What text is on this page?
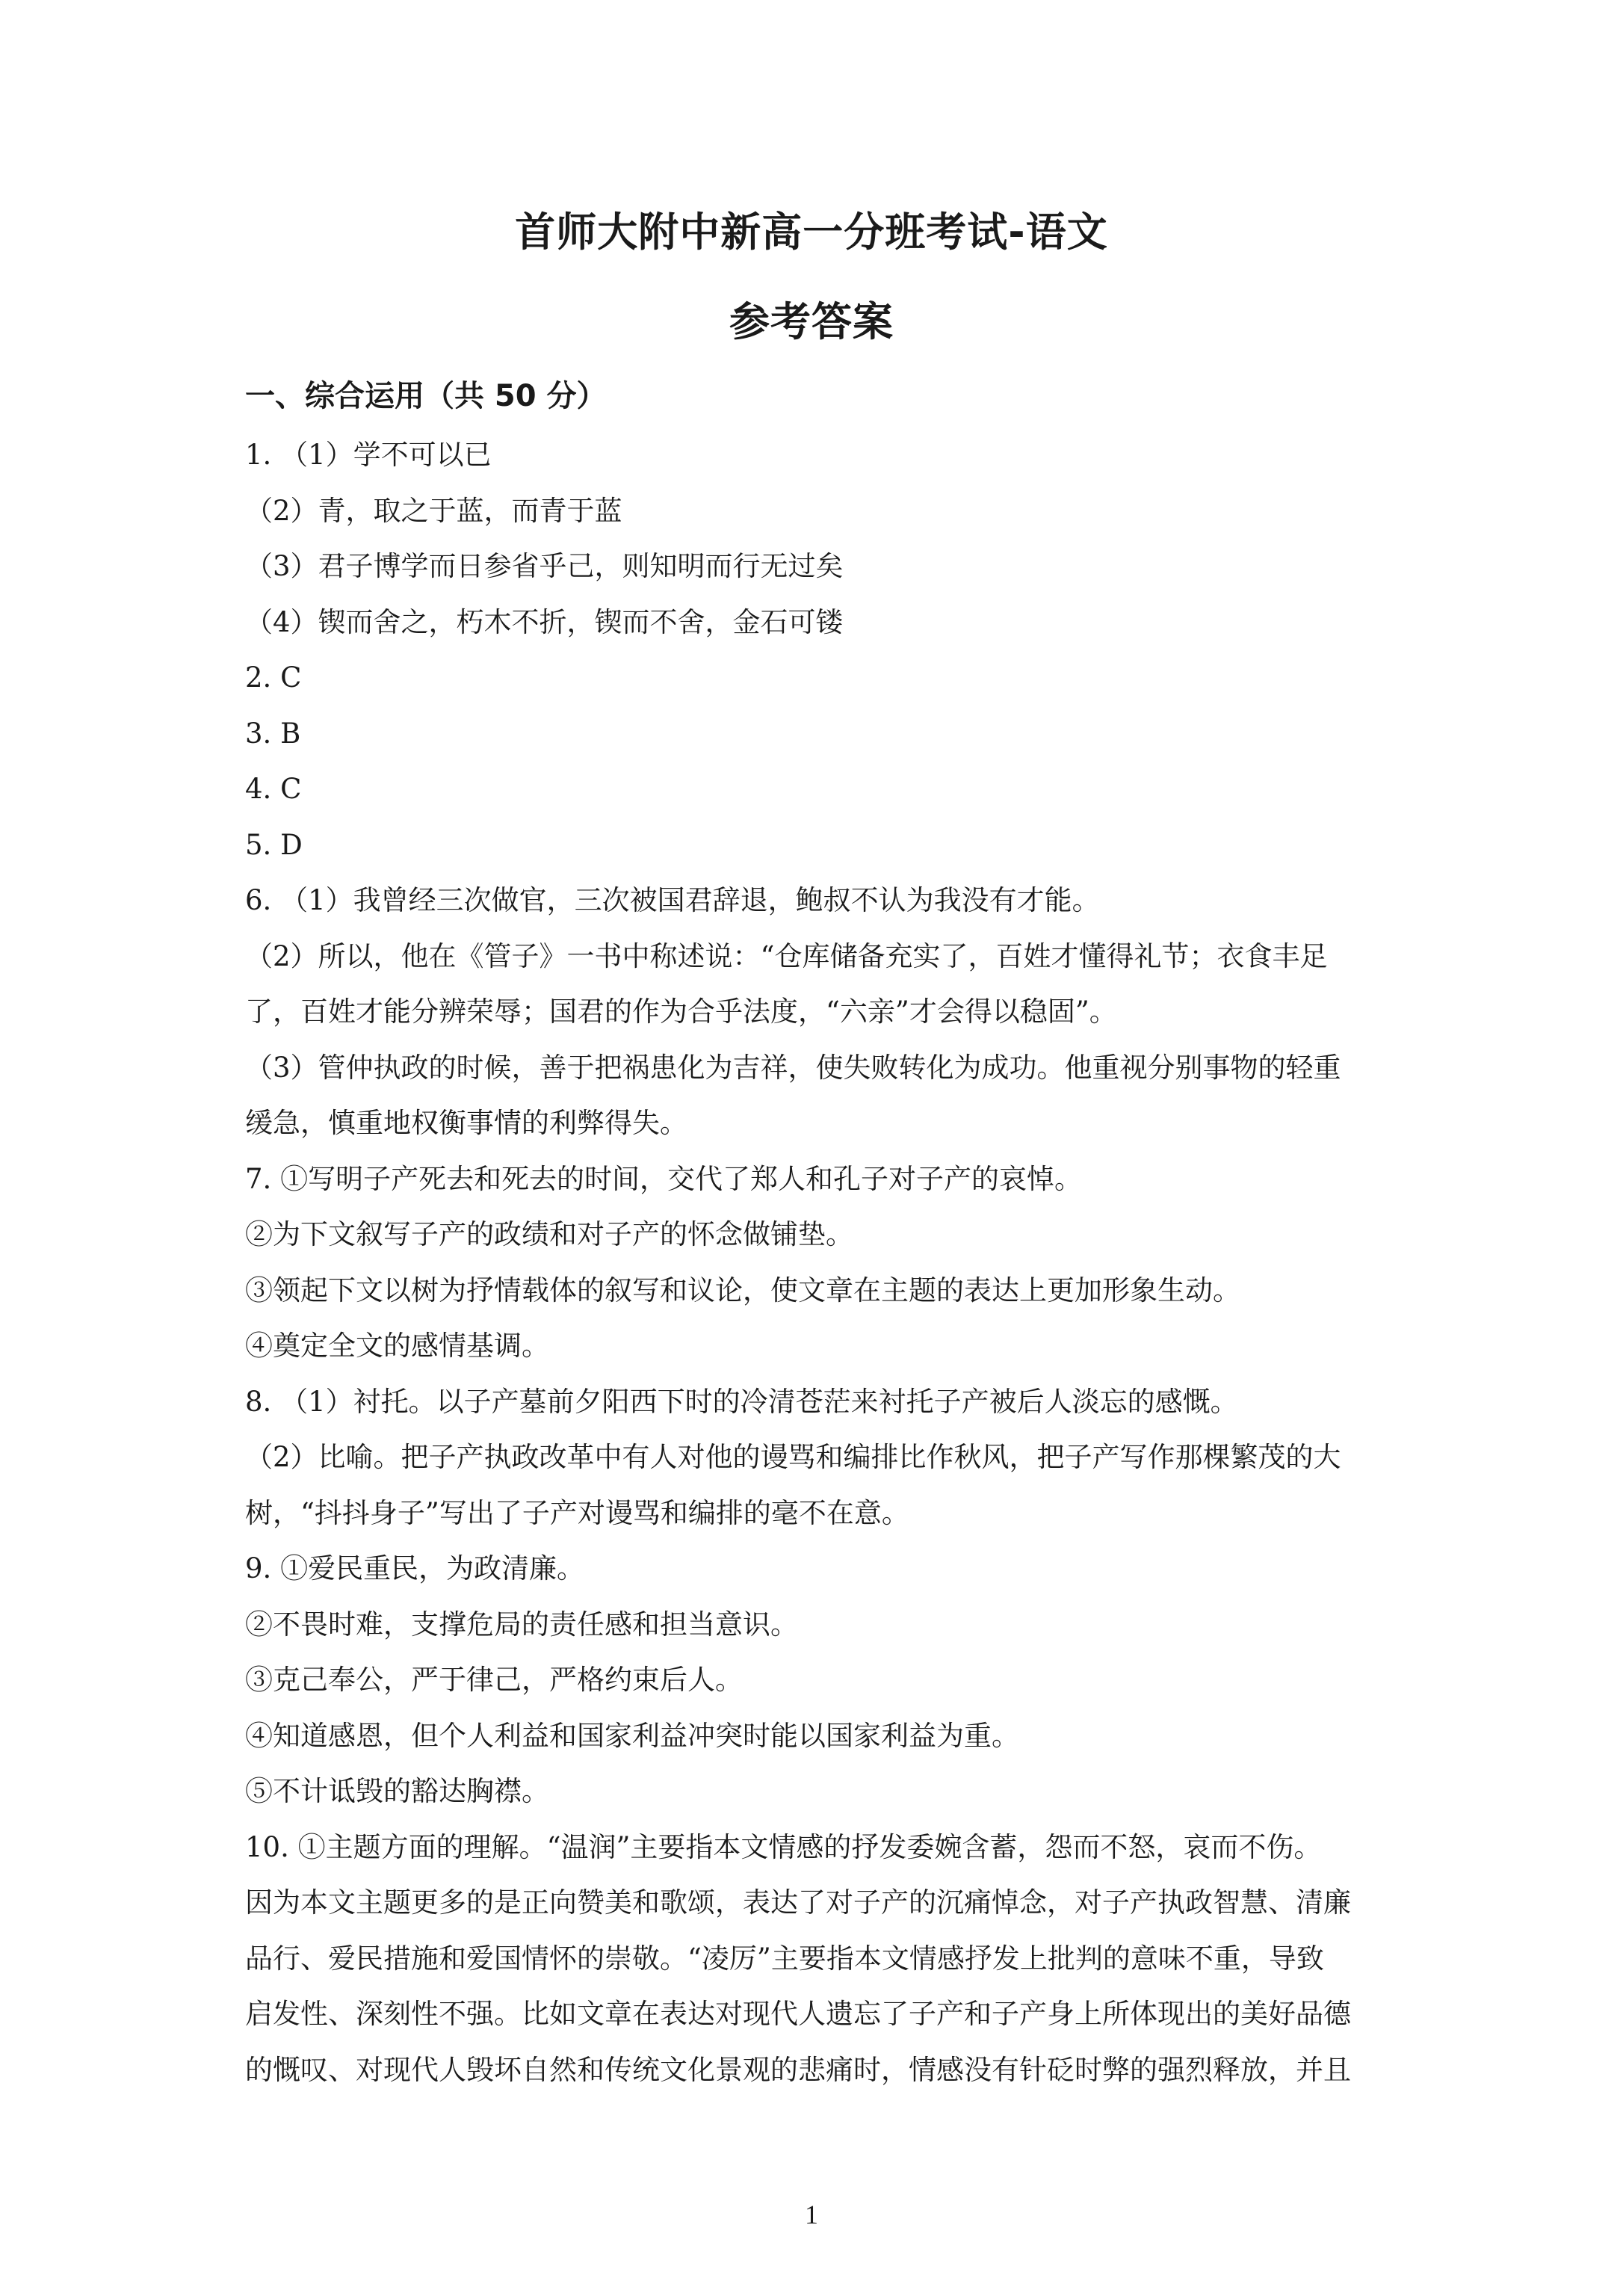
首师大附中新高一分班考试-语文
参考答案
一、综合运用（共 50 分）
1. （1）学不可以已
（2）青，取之于蓝，而青于蓝
（3）君子博学而日参省乎己，则知明而行无过矣
（4）锲而舍之，朽木不折，锲而不舍，金石可镂
2. C
3. B
4. C
5. D
6. （1）我曾经三次做官，三次被国君辞退，鲍叔不认为我没有才能。
（2）所以，他在《管子》一书中称述说：“仓库储备充实了，百姓才懂得礼节；衣食丰足
了，百姓才能分辨荣辱；国君的作为合乎法度，“六亲”才会得以稳固”。
（3）管仲执政的时候，善于把祸患化为吉祥，使失败转化为成功。他重视分别事物的轻重
缓急，慎重地权衡事情的利弊得失。
7. ①写明子产死去和死去的时间，交代了郑人和孔子对子产的哀悼。
②为下文叙写子产的政绩和对子产的怀念做铺垫。
③领起下文以树为抒情载体的叙写和议论，使文章在主题的表达上更加形象生动。
④奠定全文的感情基调。
8. （1）衬托。以子产墓前夕阳西下时的冷清苍茫来衬托子产被后人淡忘的感慨。
（2）比喻。把子产执政改革中有人对他的谩骂和编排比作秋风，把子产写作那棵繁茂的大
树，“抖抖身子”写出了子产对谩骂和编排的毫不在意。
9. ①爱民重民，为政清廉。
②不畏时难，支撑危局的责任感和担当意识。
③克己奉公，严于律己，严格约束后人。
④知道感恩，但个人利益和国家利益冲突时能以国家利益为重。
⑤不计诋毁的豁达胸襟。
10. ①主题方面的理解。“温润”主要指本文情感的抒发委婉含蓄，怨而不怒，哀而不伤。
因为本文主题更多的是正向赞美和歌颂，表达了对子产的沉痛悼念，对子产执政智慧、清廉
品行、爱民措施和爱国情怀的崇敬。“凌厉”主要指本文情感抒发上批判的意味不重，导致
启发性、深刻性不强。比如文章在表达对现代人遗忘了子产和子产身上所体现出的美好品德
的慨叹、对现代人毁坏自然和传统文化景观的悲痛时，情感没有针砭时弊的强烈释放，并且
1
